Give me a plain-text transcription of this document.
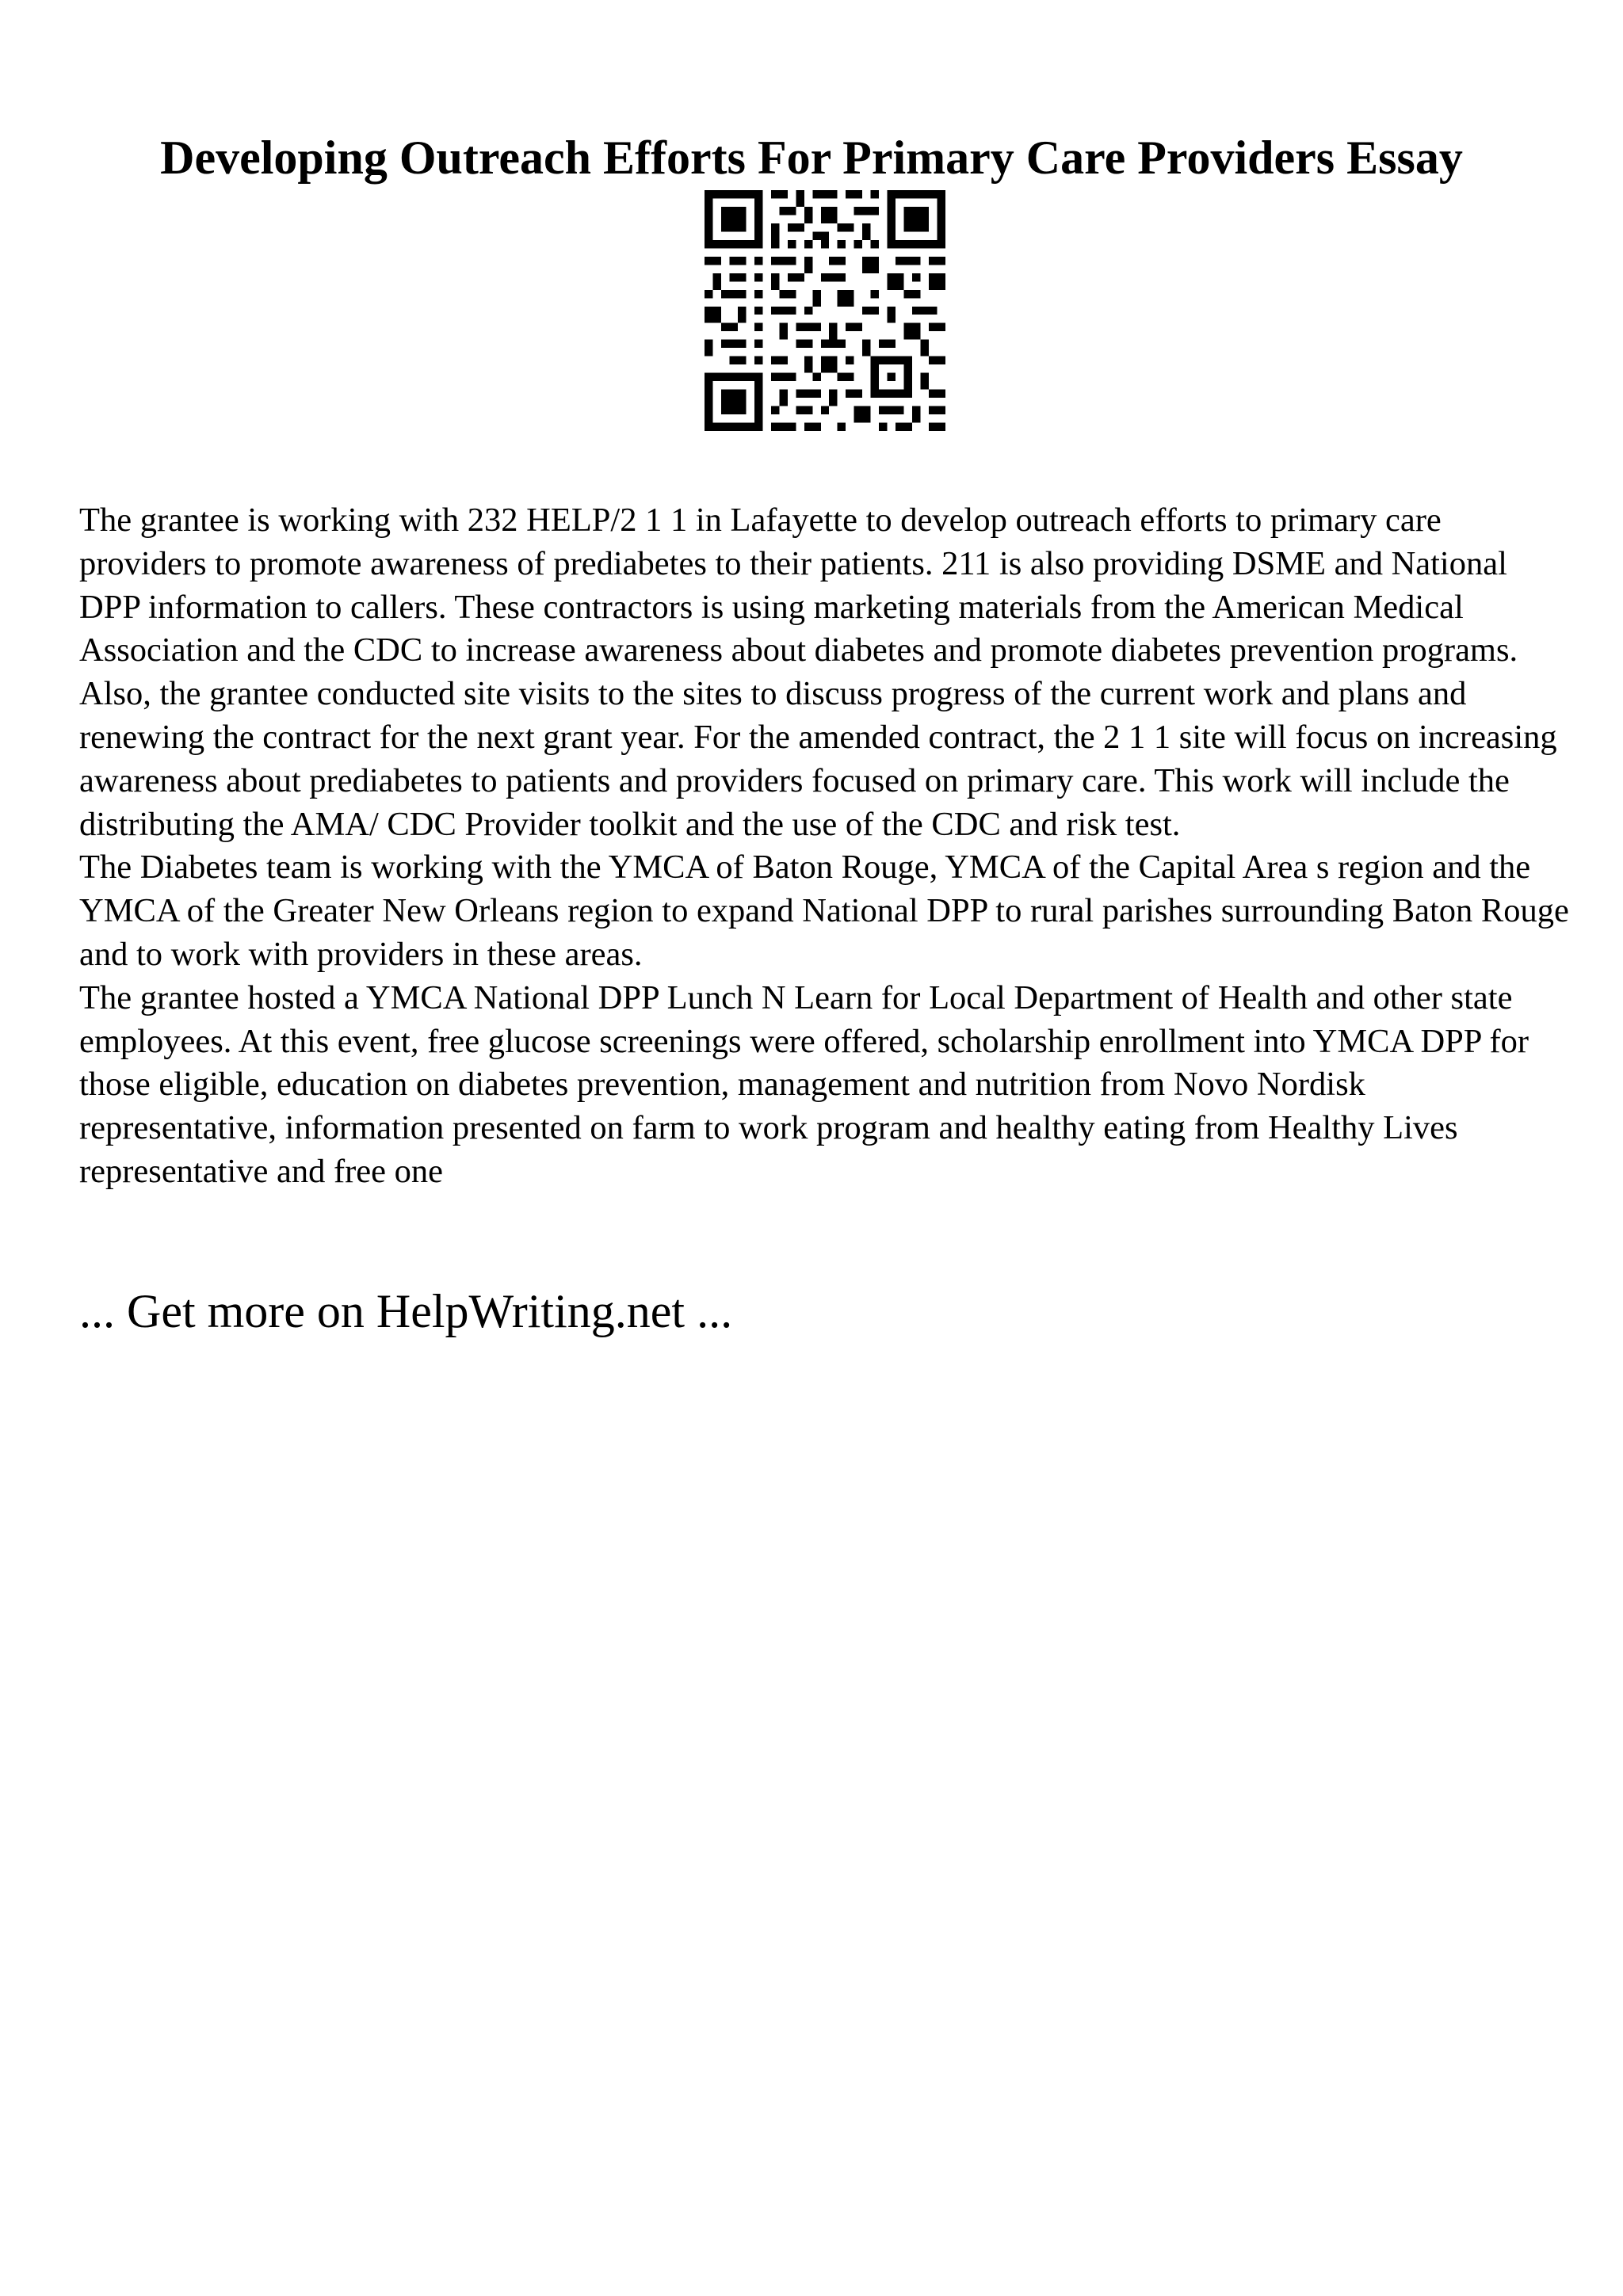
Developing Outreach Efforts For Primary Care Providers Essay

The grantee is working with 232 HELP/2 1 1 in Lafayette to develop outreach efforts to primary care providers to promote awareness of prediabetes to their patients. 211 is also providing DSME and National DPP information to callers. These contractors is using marketing materials from the American Medical Association and the CDC to increase awareness about diabetes and promote diabetes prevention programs. Also, the grantee conducted site visits to the sites to discuss progress of the current work and plans and renewing the contract for the next grant year. For the amended contract, the 2 1 1 site will focus on increasing awareness about prediabetes to patients and providers focused on primary care. This work will include the distributing the AMA/ CDC Provider toolkit and the use of the CDC and risk test.

The Diabetes team is working with the YMCA of Baton Rouge, YMCA of the Capital Area s region and the YMCA of the Greater New Orleans region to expand National DPP to rural parishes surrounding Baton Rouge and to work with providers in these areas.

The grantee hosted a YMCA National DPP Lunch N Learn for Local Department of Health and other state employees. At this event, free glucose screenings were offered, scholarship enrollment into YMCA DPP for those eligible, education on diabetes prevention, management and nutrition from Novo Nordisk representative, information presented on farm to work program and healthy eating from Healthy Lives representative and free one

... Get more on HelpWriting.net ...
